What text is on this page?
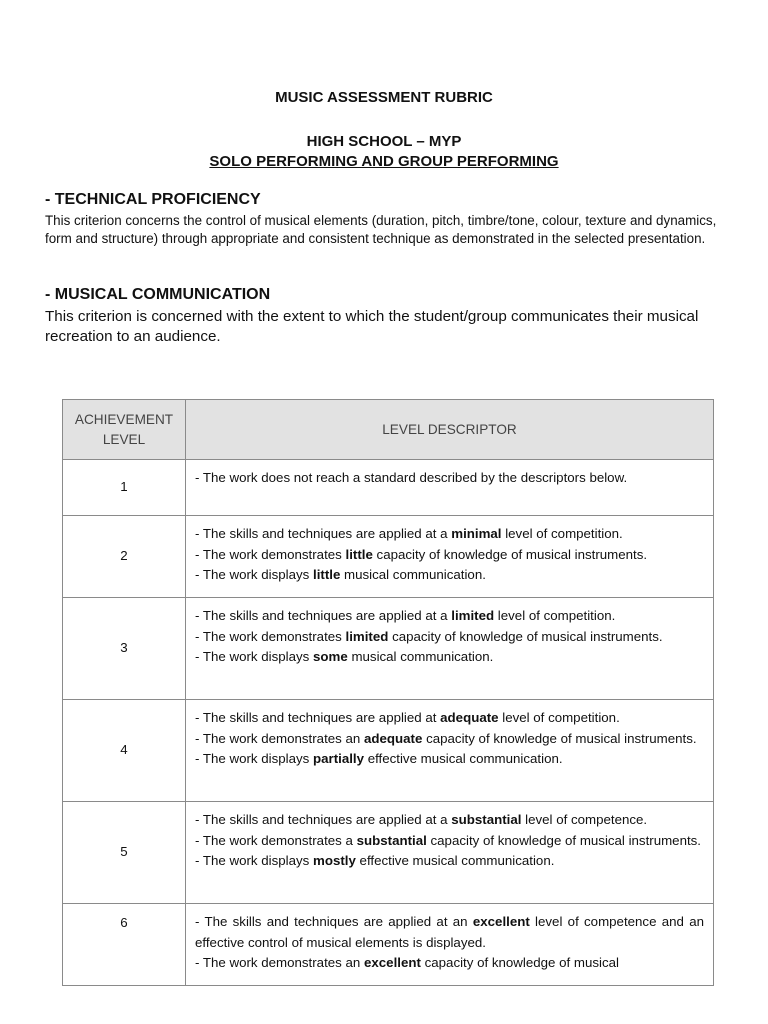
MUSIC ASSESSMENT RUBRIC
HIGH SCHOOL – MYP
SOLO PERFORMING AND GROUP PERFORMING
- TECHNICAL PROFICIENCY
This criterion concerns the control of musical elements (duration, pitch, timbre/tone, colour, texture and dynamics, form and structure) through appropriate and consistent technique as demonstrated in the selected presentation.
- MUSICAL COMMUNICATION
This criterion is concerned with the extent to which the student/group communicates their musical recreation to an audience.
ACHIEVEMENT LEVEL	LEVEL DESCRIPTOR
1	- The work does not reach a standard described by the descriptors below.

2	- The skills and techniques are applied at a minimal level of competition.
- The work demonstrates little capacity of knowledge of musical instruments.
- The work displays little musical communication.

3	- The skills and techniques are applied at a limited level of competition.
- The work demonstrates limited capacity of knowledge of musical instruments.
- The work displays some musical communication.

4	- The skills and techniques are applied at adequate level of competition.
- The work demonstrates an adequate capacity of knowledge of musical instruments.
- The work displays partially effective musical communication.

5	- The skills and techniques are applied at a substantial level of competence.
- The work demonstrates a substantial capacity of knowledge of musical instruments.
- The work displays mostly effective musical communication.

6	- The skills and techniques are applied at an excellent level of competence and an effective control of musical elements is displayed.
- The work demonstrates an excellent capacity of knowledge of musical
